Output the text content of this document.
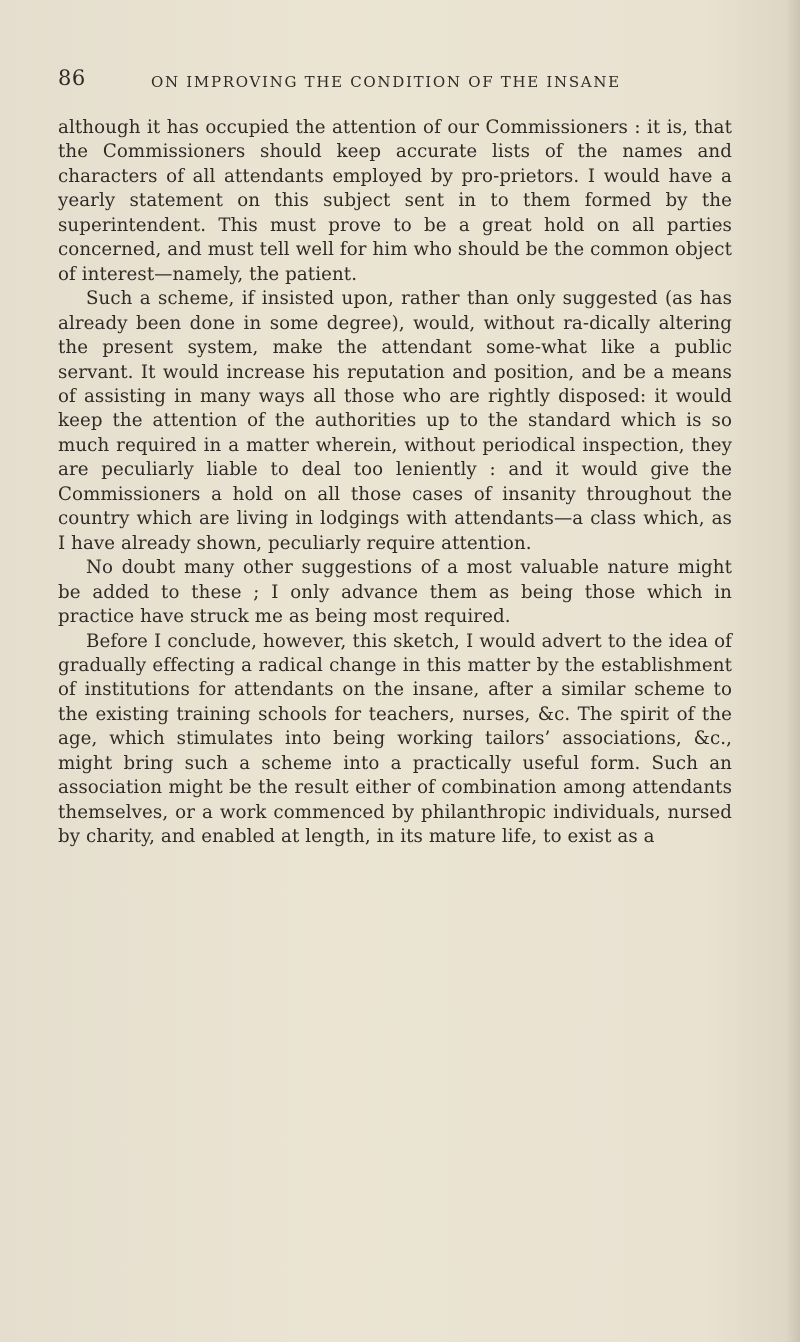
86	ON IMPROVING THE CONDITION OF THE INSANE

although it has occupied the attention of our Commissioners : it is, that the Commissioners should keep accurate lists of the names and characters of all attendants employed by pro-prietors. I would have a yearly statement on this subject sent in to them formed by the superintendent. This must prove to be a great hold on all parties concerned, and must tell well for him who should be the common object of interest—namely, the patient.

Such a scheme, if insisted upon, rather than only suggested (as has already been done in some degree), would, without ra-dically altering the present system, make the attendant some-what like a public servant. It would increase his reputation and position, and be a means of assisting in many ways all those who are rightly disposed: it would keep the attention of the authorities up to the standard which is so much required in a matter wherein, without periodical inspection, they are peculiarly liable to deal too leniently : and it would give the Commissioners a hold on all those cases of insanity throughout the country which are living in lodgings with attendants—a class which, as I have already shown, peculiarly require attention.

No doubt many other suggestions of a most valuable nature might be added to these ; I only advance them as being those which in practice have struck me as being most required.

Before I conclude, however, this sketch, I would advert to the idea of gradually effecting a radical change in this matter by the establishment of institutions for attendants on the insane, after a similar scheme to the existing training schools for teachers, nurses, &c. The spirit of the age, which stimulates into being working tailors’ associations, &c., might bring such a scheme into a practically useful form. Such an association might be the result either of combination among attendants themselves, or a work commenced by philanthropic individuals, nursed by charity, and enabled at length, in its mature life, to exist as a
